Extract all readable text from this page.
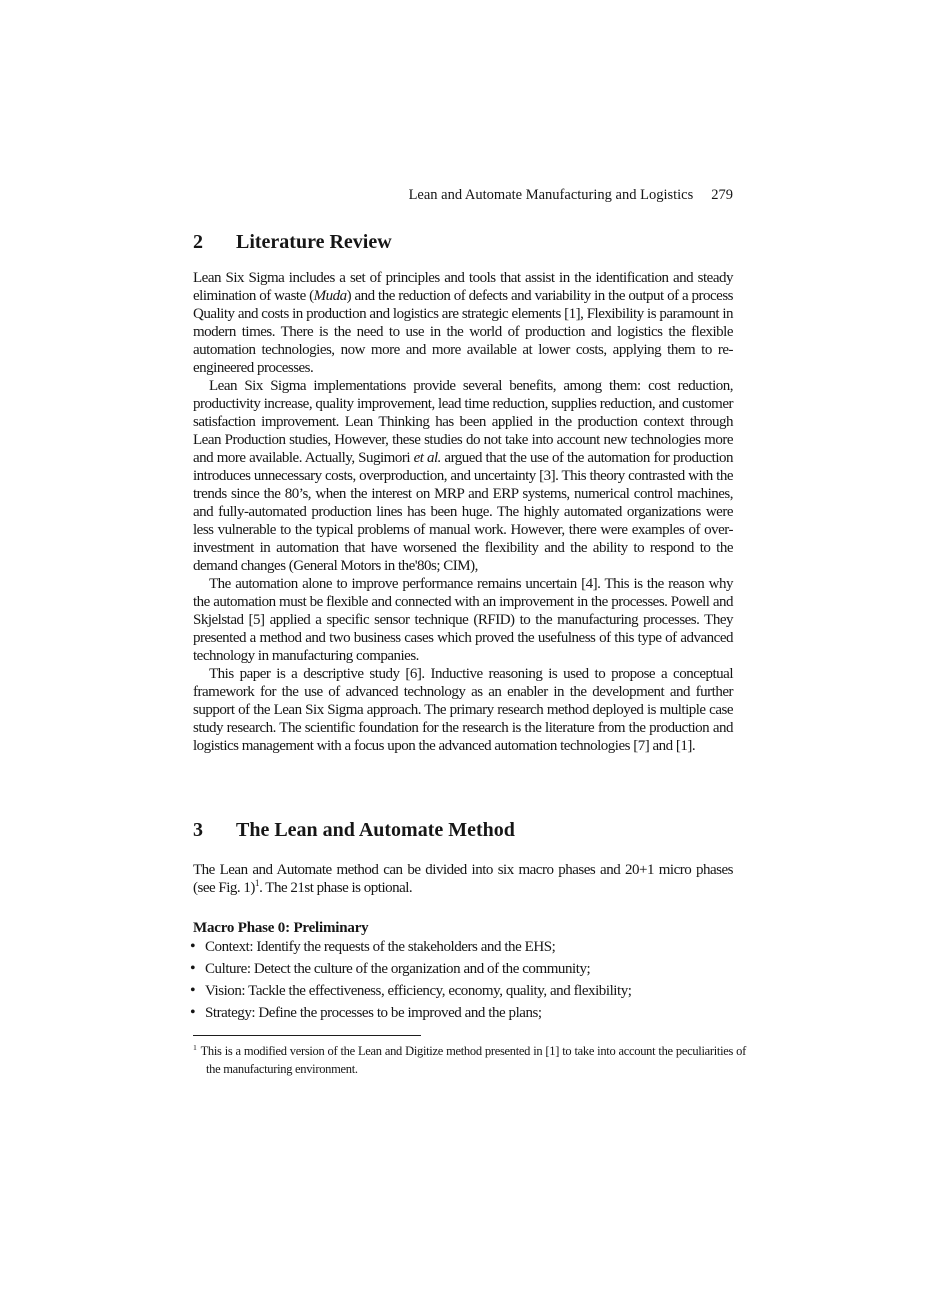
Lean and Automate Manufacturing and Logistics 279
2	Literature Review

Lean Six Sigma includes a set of principles and tools that assist in the identification and steady elimination of waste (Muda) and the reduction of defects and variability in the output of a process Quality and costs in production and logistics are strategic elements [1], Flexibility is paramount in modern times. There is the need to use in the world of production and logistics the flexible automation technologies, now more and more available at lower costs, applying them to re-engineered processes.

Lean Six Sigma implementations provide several benefits, among them: cost reduction, productivity increase, quality improvement, lead time reduction, supplies reduction, and customer satisfaction improvement. Lean Thinking has been applied in the production context through Lean Production studies, However, these studies do not take into account new technologies more and more available. Actually, Sugimori et al. argued that the use of the automation for production introduces unnecessary costs, overproduction, and uncertainty [3]. This theory contrasted with the trends since the 80’s, when the interest on MRP and ERP systems, numerical control machines, and fully-automated production lines has been huge. The highly automated organizations were less vulnerable to the typical problems of manual work. However, there were examples of over-investment in automation that have worsened the flexibility and the ability to respond to the demand changes (General Motors in the'80s; CIM),

The automation alone to improve performance remains uncertain [4]. This is the reason why the automation must be flexible and connected with an improvement in the processes. Powell and Skjelstad [5] applied a specific sensor technique (RFID) to the manufacturing processes. They presented a method and two business cases which proved the usefulness of this type of advanced technology in manufacturing companies.

This paper is a descriptive study [6]. Inductive reasoning is used to propose a conceptual framework for the use of advanced technology as an enabler in the development and further support of the Lean Six Sigma approach. The primary research method deployed is multiple case study research. The scientific foundation for the research is the literature from the production and logistics management with a focus upon the advanced automation technologies [7] and [1].

3	The Lean and Automate Method

The Lean and Automate method can be divided into six macro phases and 20+1 micro phases (see Fig. 1)$^1$. The 21st phase is optional.

Macro Phase 0: Preliminary

• Context: Identify the requests of the stakeholders and the EHS;
• Culture: Detect the culture of the organization and of the community;
• Vision: Tackle the effectiveness, efficiency, economy, quality, and flexibility;
• Strategy: Define the processes to be improved and the plans;
$^1$ This is a modified version of the Lean and Digitize method presented in [1] to take into account the peculiarities of the manufacturing environment.
